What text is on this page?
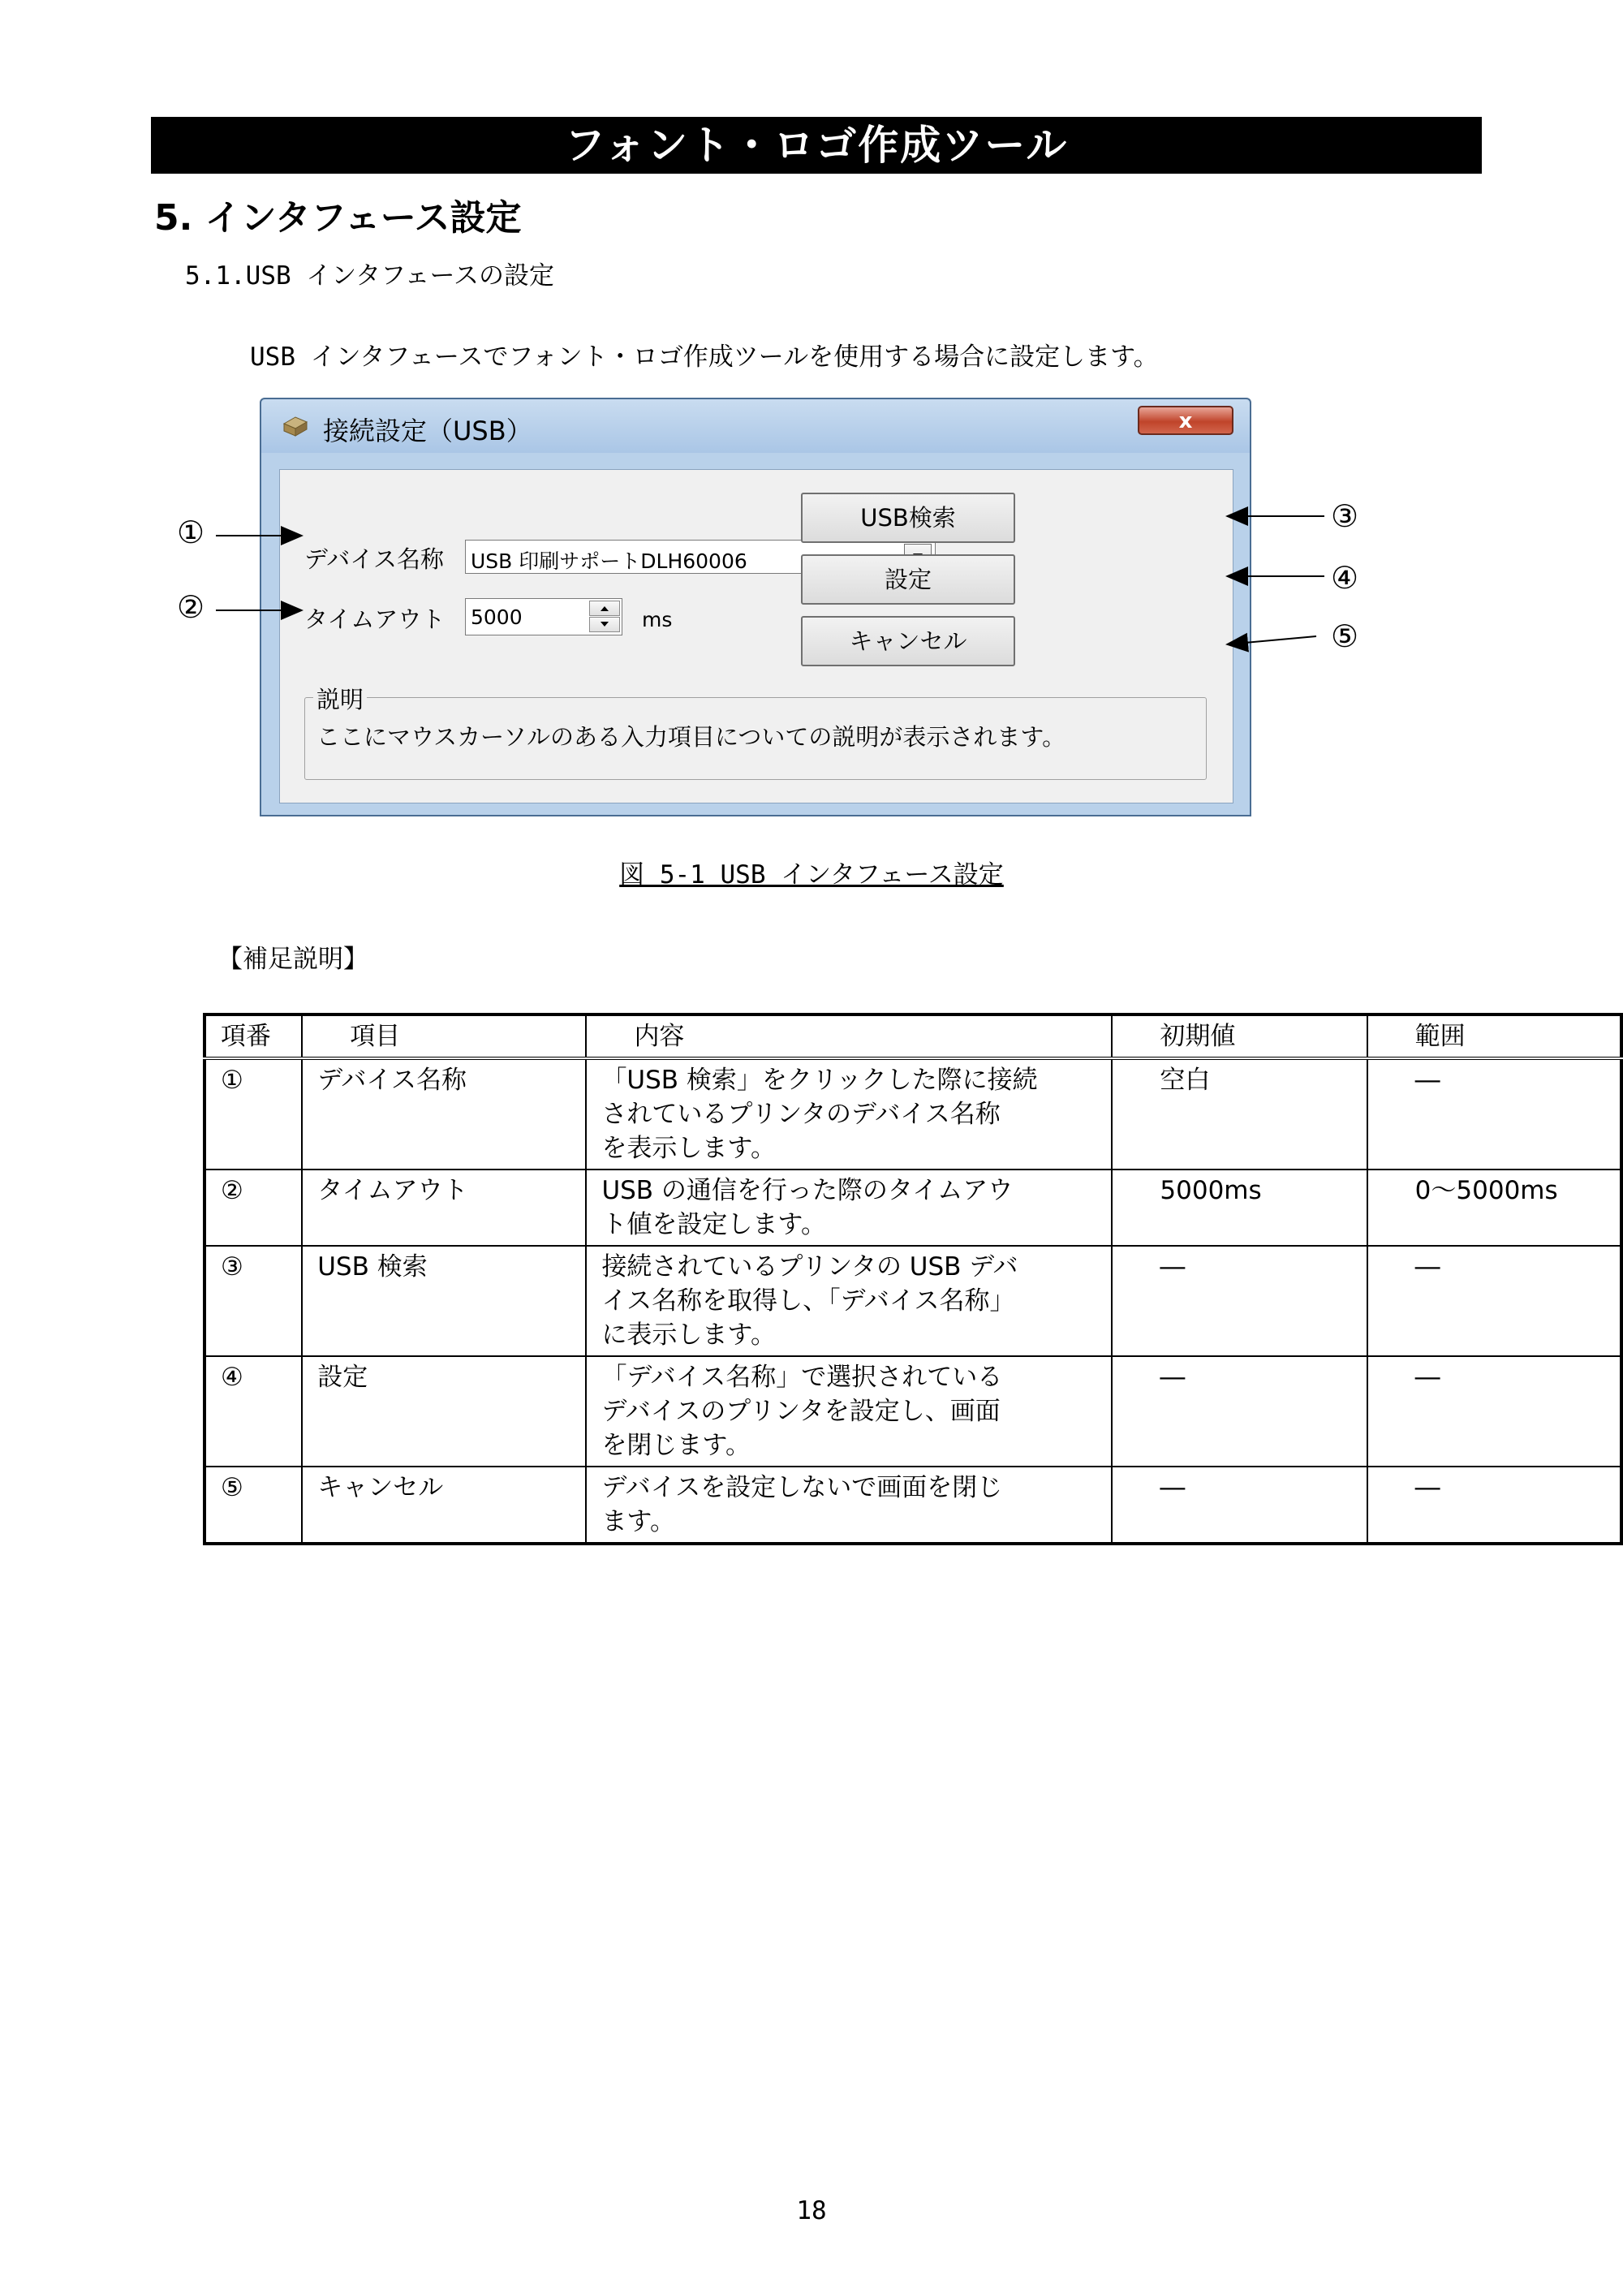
フォント・ロゴ作成ツール
5. インタフェース設定
5.1.USB インタフェースの設定
USB インタフェースでフォント・ロゴ作成ツールを使用する場合に設定します。
接続設定（USB）	x
デバイス名称 USB 印刷サポートDLH60006
タイムアウト 5000	ms
USB検索
設定
キャンセル
説明
ここにマウスカーソルのある入力項目についての説明が表示されます。
①
②
③
④
⑤
図 5-1 USB インタフェース設定
【補足説明】
項番	項目	内容	初期値	範囲
①	デバイス名称	「USB 検索」をクリックした際に接続
されているプリンタのデバイス名称
を表示します。	空白	―
②	タイムアウト	USB の通信を行った際のタイムアウ
ト値を設定します。	5000ms	0～5000ms
③	USB 検索	接続されているプリンタの USB デバ
イス名称を取得し、「デバイス名称」
に表示します。	―	―
④	設定	「デバイス名称」で選択されている
デバイスのプリンタを設定し、画面
を閉じます。	―	―
⑤	キャンセル	デバイスを設定しないで画面を閉じ
ます。	―	―
18
